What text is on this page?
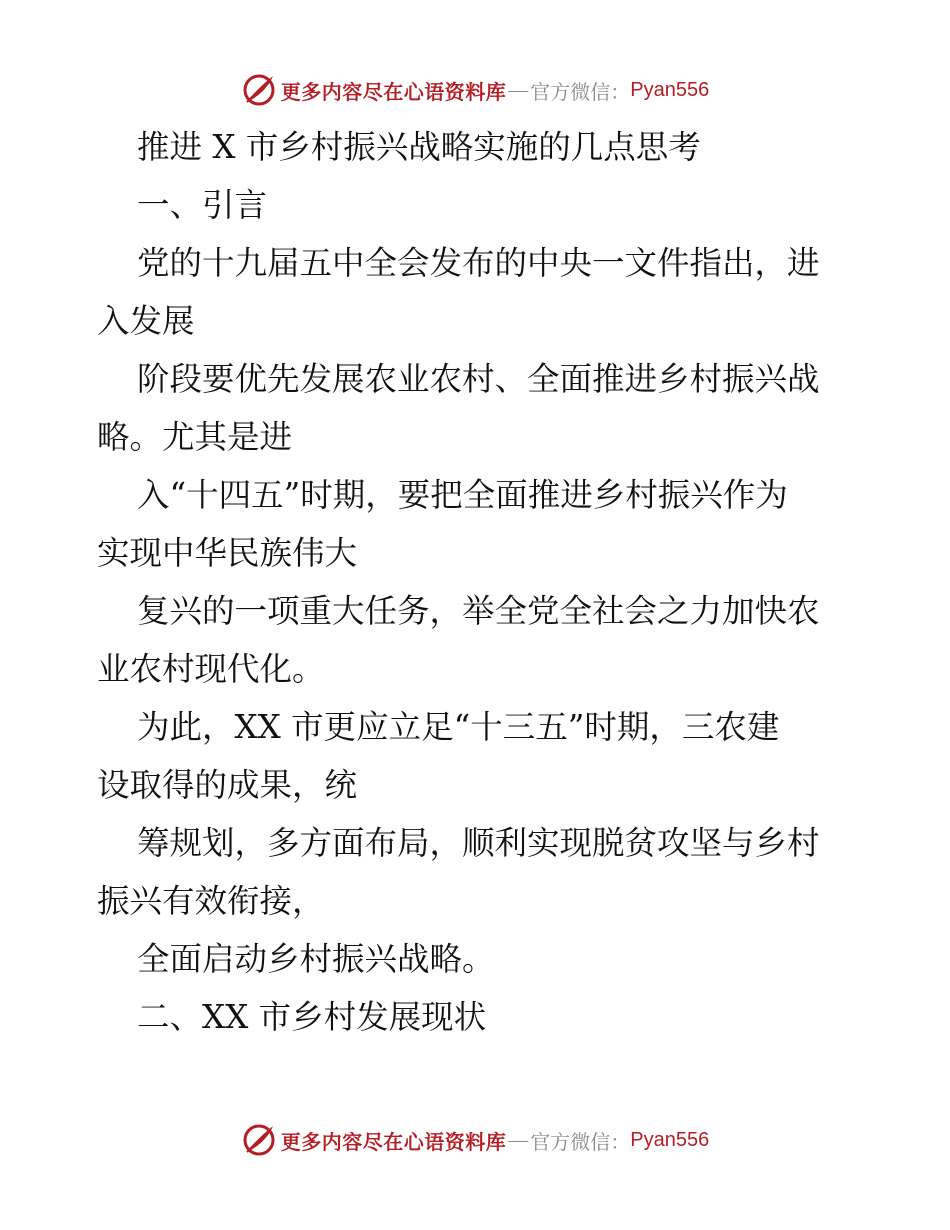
更多内容尽在心语资料库 — 官方微信： Pyan556
推进 X 市乡村振兴战略实施的几点思考
一、引言
党的十九届五中全会发布的中央一文件指出，进
入发展
阶段要优先发展农业农村、全面推进乡村振兴战
略。尤其是进
入“十四五”时期，要把全面推进乡村振兴作为
实现中华民族伟大
复兴的一项重大任务，举全党全社会之力加快农
业农村现代化。
为此，XX 市更应立足“十三五”时期，三农建
设取得的成果，统
筹规划，多方面布局，顺利实现脱贫攻坚与乡村
振兴有效衔接，
全面启动乡村振兴战略。
二、XX 市乡村发展现状
更多内容尽在心语资料库 — 官方微信： Pyan556
